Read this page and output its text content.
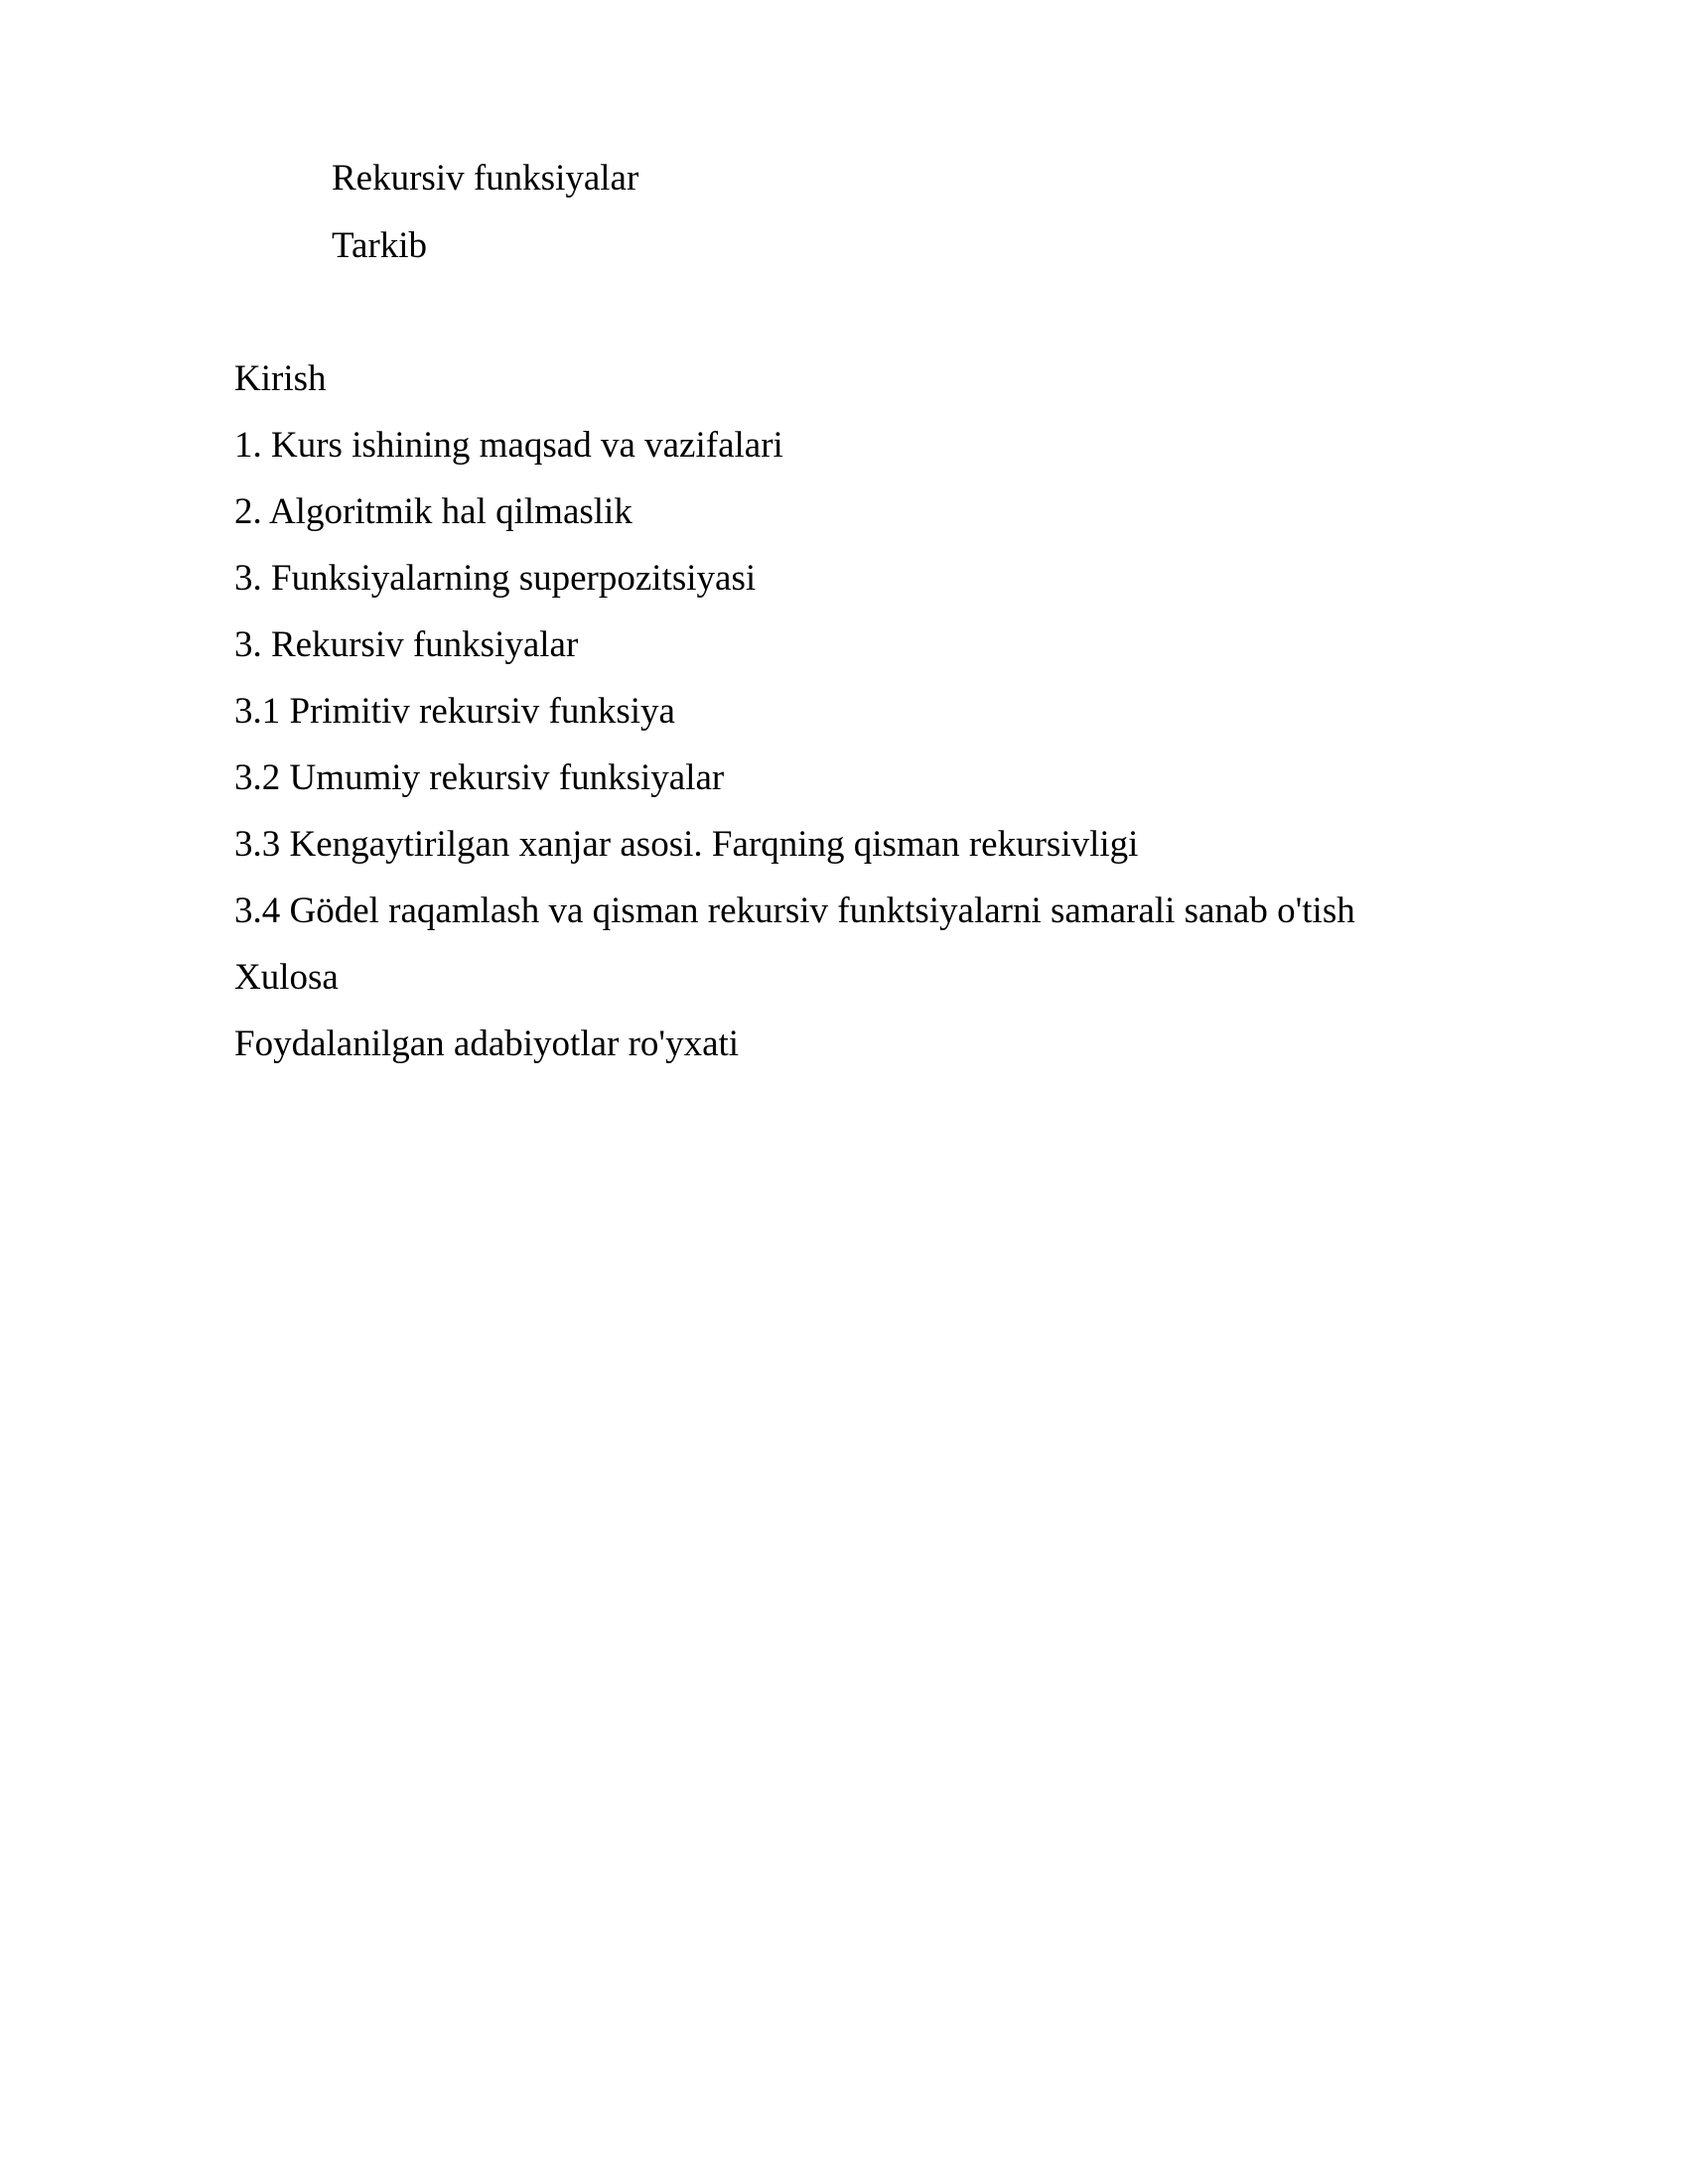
Rekursiv funksiyalar
Tarkib
Kirish
1. Kurs ishining maqsad va vazifalari
2. Algoritmik hal qilmaslik
3. Funksiyalarning superpozitsiyasi
3. Rekursiv funksiyalar
3.1 Primitiv rekursiv funksiya
3.2 Umumiy rekursiv funksiyalar
3.3 Kengaytirilgan xanjar asosi. Farqning qisman rekursivligi
3.4 Gödel raqamlash va qisman rekursiv funktsiyalarni samarali sanab o'tish
Xulosa
Foydalanilgan adabiyotlar ro'yxati
